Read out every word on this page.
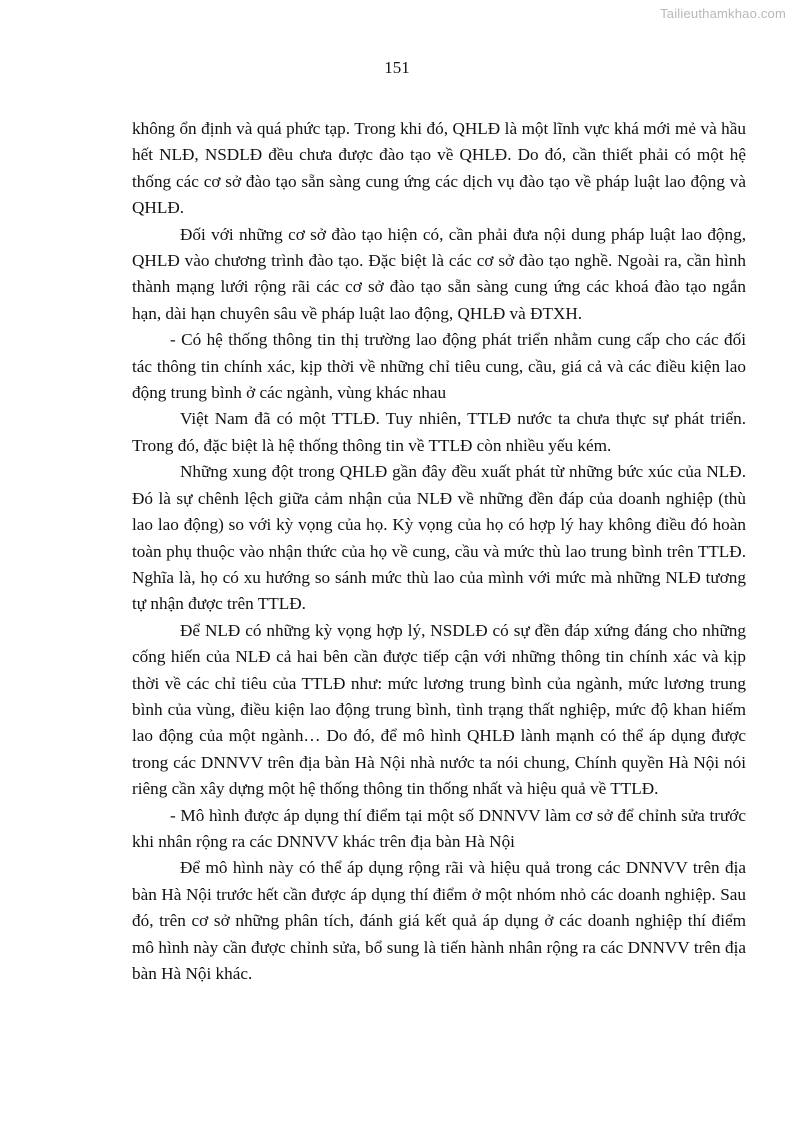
Tailieuthamkhao.com
151

không ổn định và quá phức tạp. Trong khi đó, QHLĐ là một lĩnh vực khá mới mẻ và hầu hết NLĐ, NSDLĐ đều chưa được đào tạo về QHLĐ. Do đó, cần thiết phải có một hệ thống các cơ sở đào tạo sẵn sàng cung ứng các dịch vụ đào tạo về pháp luật lao động và QHLĐ.

Đối với những cơ sở đào tạo hiện có, cần phải đưa nội dung pháp luật lao động, QHLĐ vào chương trình đào tạo. Đặc biệt là các cơ sở đào tạo nghề. Ngoài ra, cần hình thành mạng lưới rộng rãi các cơ sở đào tạo sẵn sàng cung ứng các khoá đào tạo ngắn hạn, dài hạn chuyên sâu về pháp luật lao động, QHLĐ và ĐTXH.

- Có hệ thống thông tin thị trường lao động phát triển nhằm cung cấp cho các đối tác thông tin chính xác, kịp thời về những chỉ tiêu cung, cầu, giá cả và các điều kiện lao động trung bình ở các ngành, vùng khác nhau

Việt Nam đã có một TTLĐ. Tuy nhiên, TTLĐ nước ta chưa thực sự phát triển. Trong đó, đặc biệt là hệ thống thông tin về TTLĐ còn nhiều yếu kém.

Những xung đột trong QHLĐ gần đây đều xuất phát từ những bức xúc của NLĐ. Đó là sự chênh lệch giữa cảm nhận của NLĐ về những đền đáp của doanh nghiệp (thù lao lao động) so với kỳ vọng của họ. Kỳ vọng của họ có hợp lý hay không điều đó hoàn toàn phụ thuộc vào nhận thức của họ về cung, cầu và mức thù lao trung bình trên TTLĐ. Nghĩa là, họ có xu hướng so sánh mức thù lao của mình với mức mà những NLĐ tương tự nhận được trên TTLĐ.

Để NLĐ có những kỳ vọng hợp lý, NSDLĐ có sự đền đáp xứng đáng cho những cống hiến của NLĐ cả hai bên cần được tiếp cận với những thông tin chính xác và kịp thời về các chỉ tiêu của TTLĐ như: mức lương trung bình của ngành, mức lương trung bình của vùng, điều kiện lao động trung bình, tình trạng thất nghiệp, mức độ khan hiếm lao động của một ngành… Do đó, để mô hình QHLĐ lành mạnh có thể áp dụng được trong các DNNVV trên địa bàn Hà Nội nhà nước ta nói chung, Chính quyền Hà Nội nói riêng cần xây dựng một hệ thống thông tin thống nhất và hiệu quả về TTLĐ.

- Mô hình được áp dụng thí điểm tại một số DNNVV làm cơ sở để chỉnh sửa trước khi nhân rộng ra các DNNVV khác trên địa bàn Hà Nội

Để mô hình này có thể áp dụng rộng rãi và hiệu quả trong các DNNVV trên địa bàn Hà Nội trước hết cần được áp dụng thí điểm ở một nhóm nhỏ các doanh nghiệp. Sau đó, trên cơ sở những phân tích, đánh giá kết quả áp dụng ở các doanh nghiệp thí điểm mô hình này cần được chỉnh sửa, bổ sung là tiến hành nhân rộng ra các DNNVV trên địa bàn Hà Nội khác.
